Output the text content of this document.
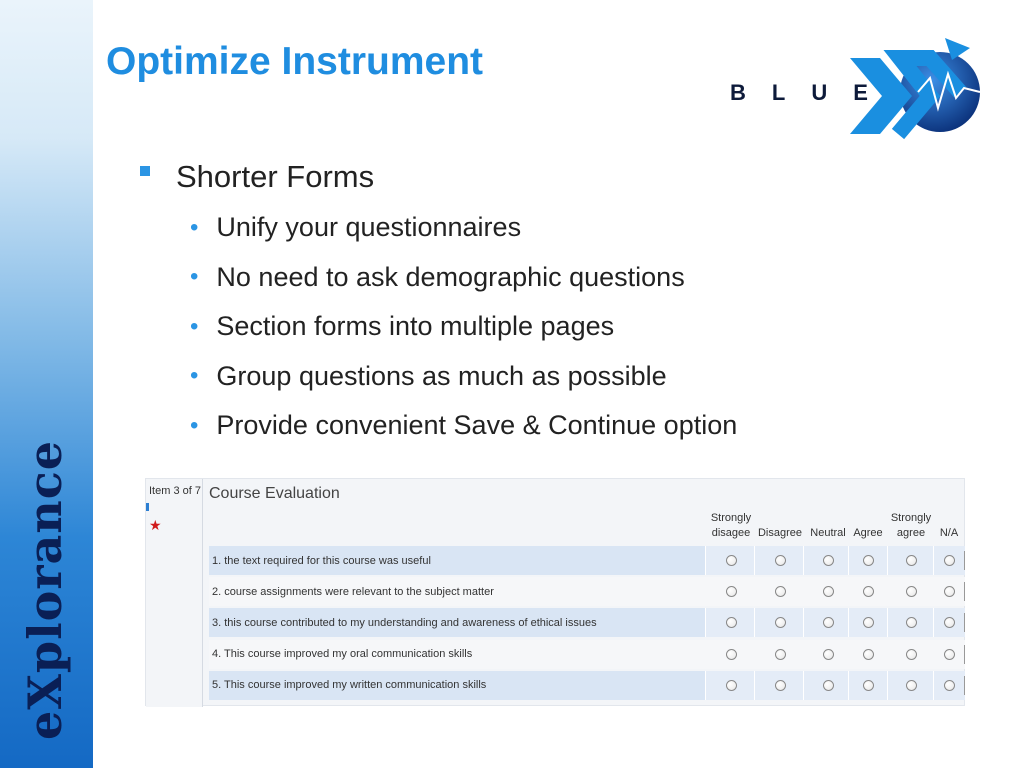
eXplorance
Optimize Instrument
B L U E
Shorter Forms
• Unify your questionnaires
• No need to ask demographic questions
• Section forms into multiple pages
• Group questions as much as possible
• Provide convenient Save & Continue option
Item 3 of 7
★
Course Evaluation
Strongly
disagee
Disagree
Neutral
Agree
Strongly
agree
	N/A
1. the text required for this course was useful
2. course assignments were relevant to the subject matter
3. this course contributed to my understanding and awareness of ethical issues
4. This course improved my oral communication skills
5. This course improved my written communication skills
